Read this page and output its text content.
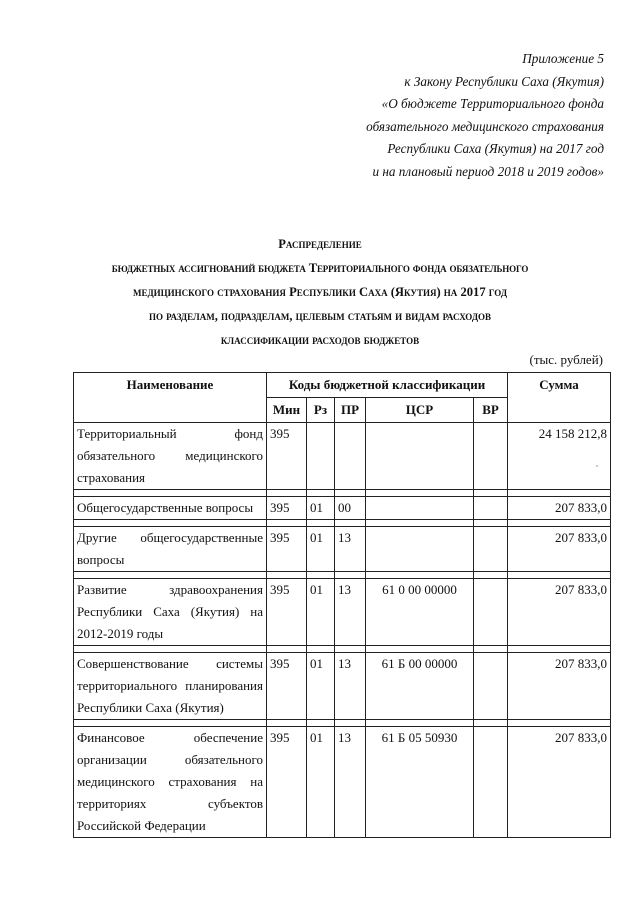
Приложение 5
к Закону Республики Саха (Якутия)
«О бюджете Территориального фонда
обязательного медицинского страхования
Республики Саха (Якутия) на 2017 год
и на плановый период 2018 и 2019 годов»
Распределение
бюджетных ассигнований бюджета Территориального фонда обязательного
медицинского страхования Республики Саха (Якутия) на 2017 год
по разделам, подразделам, целевым статьям и видам расходов
классификации расходов бюджетов
(тыс. рублей)
Наименование	Коды бюджетной классификации					Сумма
	Мин	Рз	ПР	ЦСР	ВР	
Территориальный фонд обязательного медицинского страхования	395					24 158 212,8

Общегосударственные вопросы	395	01	00			207 833,0

Другие общегосударственные вопросы	395	01	13			207 833,0

Развитие здравоохранения Республики Саха (Якутия) на 2012-2019 годы	395	01	13	61 0 00 00000		207 833,0

Совершенствование системы территориального планирования Республики Саха (Якутия)	395	01	13	61 Б 00 00000		207 833,0

Финансовое обеспечение организации обязательного медицинского страхования на территориях субъектов Российской Федерации	395	01	13	61 Б 05 50930		207 833,0
